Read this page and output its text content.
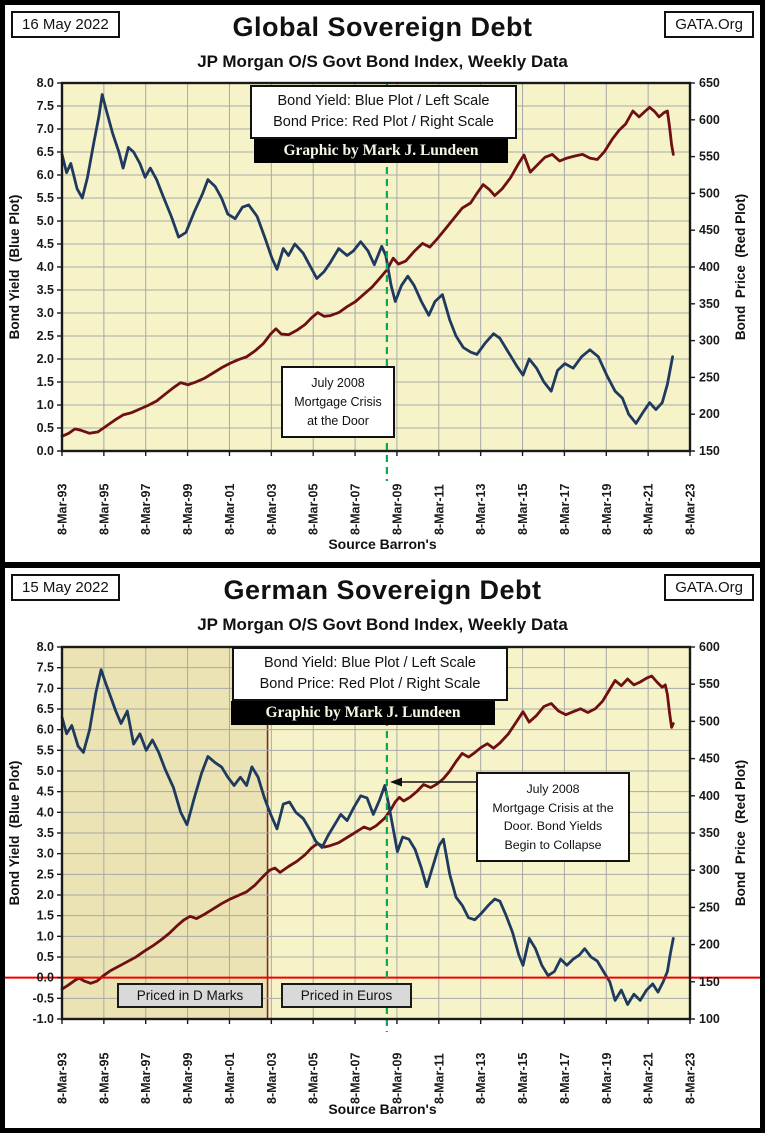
8.0
7.5
7.0
6.5
6.0
5.5
5.0
4.5
4.0
3.5
3.0
2.5
2.0
1.5
1.0
0.5
0.0
650
600
550
500
450
400
350
300
250
200
150
8-Mar-93 8-Mar-95 8-Mar-97 8-Mar-99 8-Mar-01 8-Mar-03 8-Mar-05 8-Mar-07 8-Mar-09 8-Mar-11 8-Mar-13 8-Mar-15 8-Mar-17 8-Mar-19 8-Mar-21 8-Mar-23
Bond Yield  (Blue Plot)	Bond  Price  (Red Plot)
16 May 2022	Global Sovereign Debt
JP Morgan O/S Govt Bond Index, Weekly Data
GATA.Org
Bond Yield: Blue Plot / Left Scale
Bond Price: Red Plot / Right Scale
Graphic by Mark J. Lundeen
July 2008
Mortgage Crisis
at the Door
Source Barron's
8.0
7.5
7.0
6.5
6.0
5.5
5.0
4.5
4.0
3.5
3.0
2.5
2.0
1.5
1.0
0.5
0.0
-0.5
-1.0
600
550
500
450
400
350
300
250
200
150
100
8-Mar-93 8-Mar-95 8-Mar-97 8-Mar-99 8-Mar-01 8-Mar-03 8-Mar-05 8-Mar-07 8-Mar-09 8-Mar-11 8-Mar-13 8-Mar-15 8-Mar-17 8-Mar-19 8-Mar-21 8-Mar-23
Bond Yield  (Blue Plot)	Bond  Price  (Red Plot)
15 May 2022	German Sovereign Debt
JP Morgan O/S Govt Bond Index, Weekly Data
GATA.Org
Bond Yield: Blue Plot / Left Scale
Bond Price: Red Plot / Right Scale
Graphic by Mark J. Lundeen
July 2008
Mortgage Crisis at the
Door. Bond Yields
Begin to Collapse
Priced in D Marks	Priced in Euros
Source Barron's
